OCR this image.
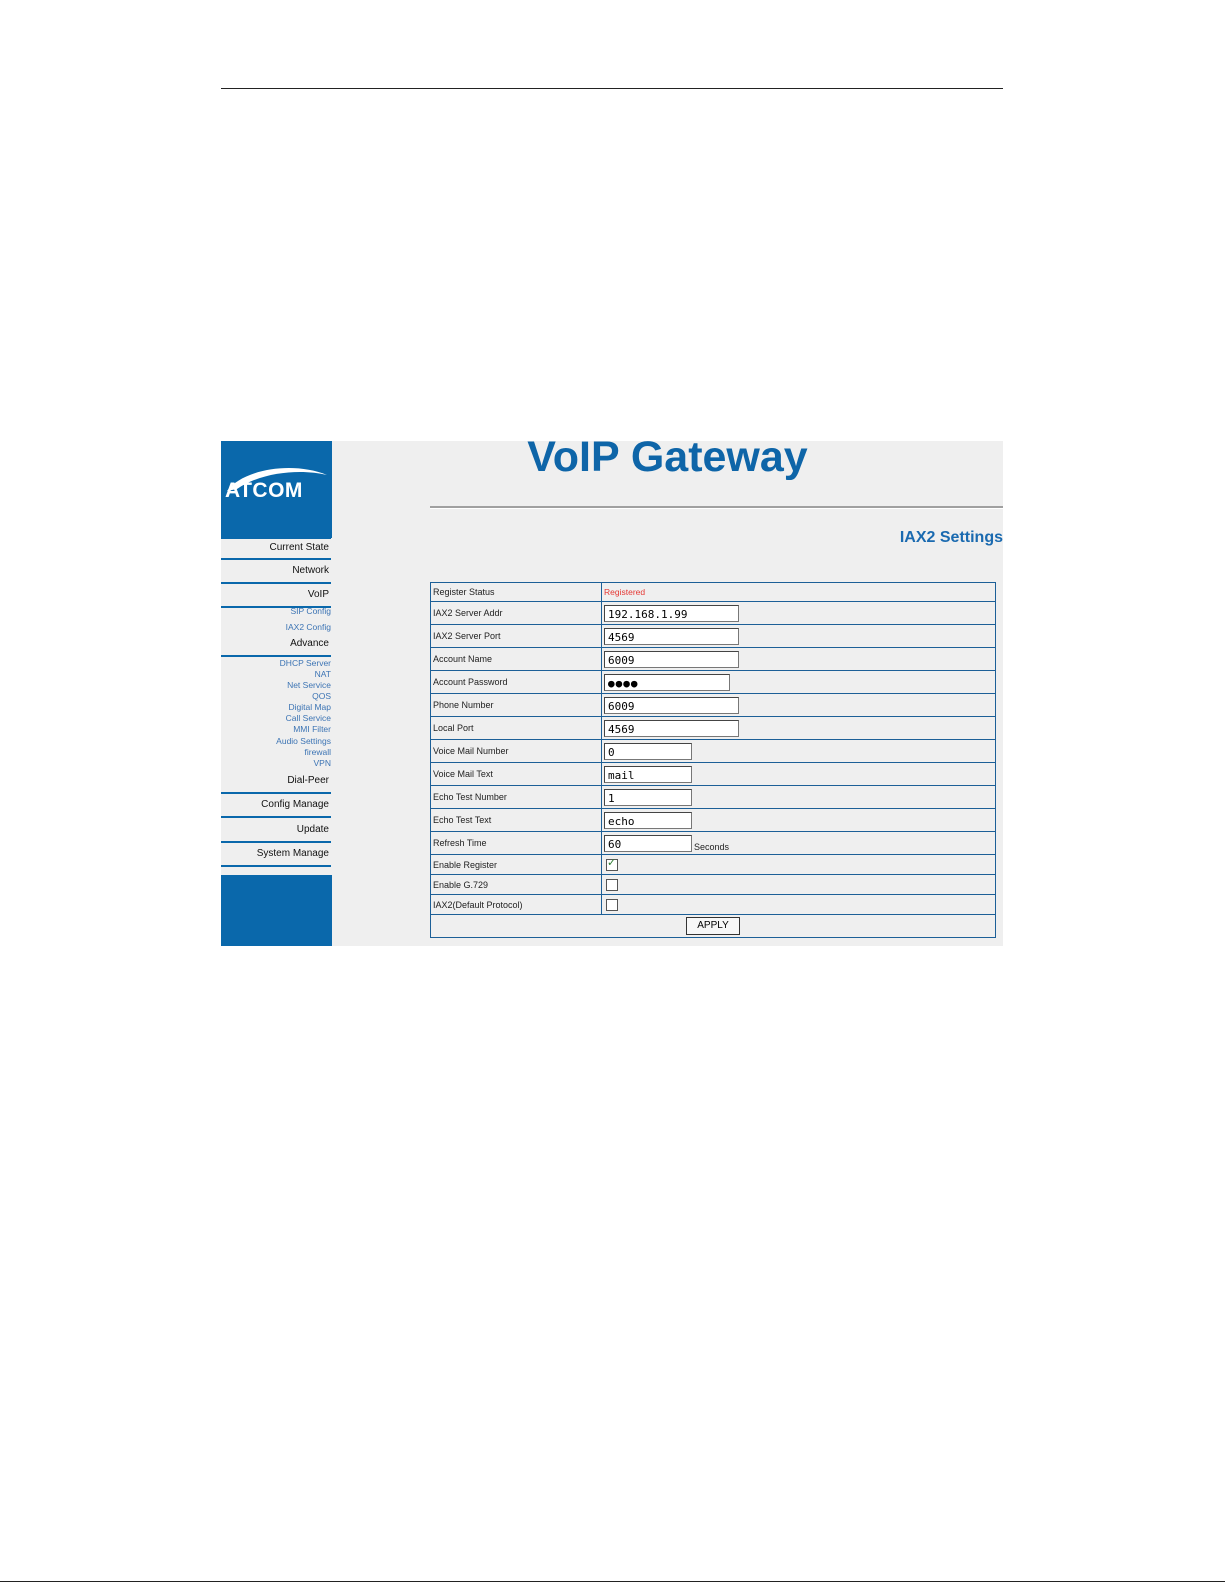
ATCOM
Current State
Network
VoIP
SIP Config
IAX2 Config
Advance
DHCP Server
NAT
Net Service
QOS
Digital Map
Call Service
MMI Filter
Audio Settings
firewall
VPN
Dial-Peer
Config Manage
Update
System Manage
VoIP Gateway
IAX2 Settings
Register Status	Registered
IAX2 Server Addr	192.168.1.99
IAX2 Server Port	4569
Account Name	6009
Account Password	●●●●
Phone Number	6009
Local Port	4569
Voice Mail Number	0
Voice Mail Text	mail
Echo Test Number	1
Echo Test Text	echo
Refresh Time	60 Seconds
Enable Register	✓

Enable G.729	
IAX2(Default Protocol)	
APPLY	
